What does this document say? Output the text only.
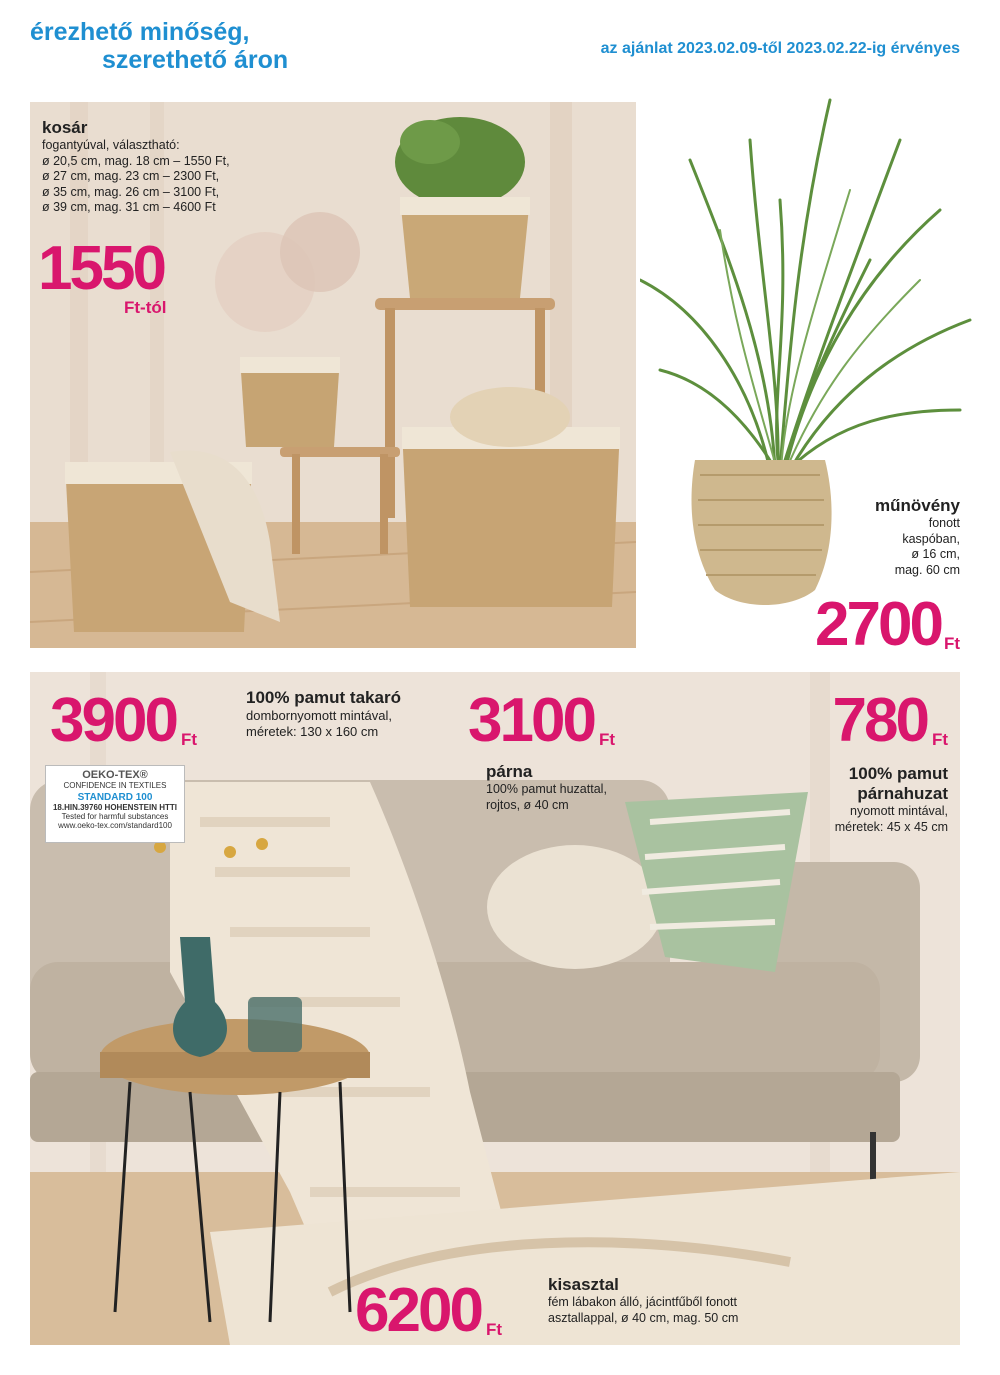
érezhető minőség,
szerethető áron	az ajánlat 2023.02.09-től 2023.02.22-ig érvényes
kosár
fogantyúval, választható:
ø 20,5 cm, mag. 18 cm – 1550 Ft,
ø 27 cm, mag. 23 cm – 2300 Ft,
ø 35 cm, mag. 26 cm – 3100 Ft,
ø 39 cm, mag. 31 cm – 4600 Ft
1550
Ft-tól
műnövény
fonott
kaspóban,
ø 16 cm,
mag. 60 cm
2700 Ft
OEKO-TEX®
CONFIDENCE IN TEXTILES
STANDARD 100
18.HIN.39760 HOHENSTEIN HTTI
Tested for harmful substances
www.oeko-tex.com/standard100
3900 Ft
100% pamut takaró
dombornyomott mintával,
méretek: 130 x 160 cm	3100 Ft
párna
100% pamut huzattal,
rojtos, ø 40 cm
780 Ft
100% pamut
párnahuzat
nyomott mintával,
méretek: 45 x 45 cm
6200 Ft
kisasztal
fém lábakon álló, jácintfűből fonott
asztallappal, ø 40 cm, mag. 50 cm
